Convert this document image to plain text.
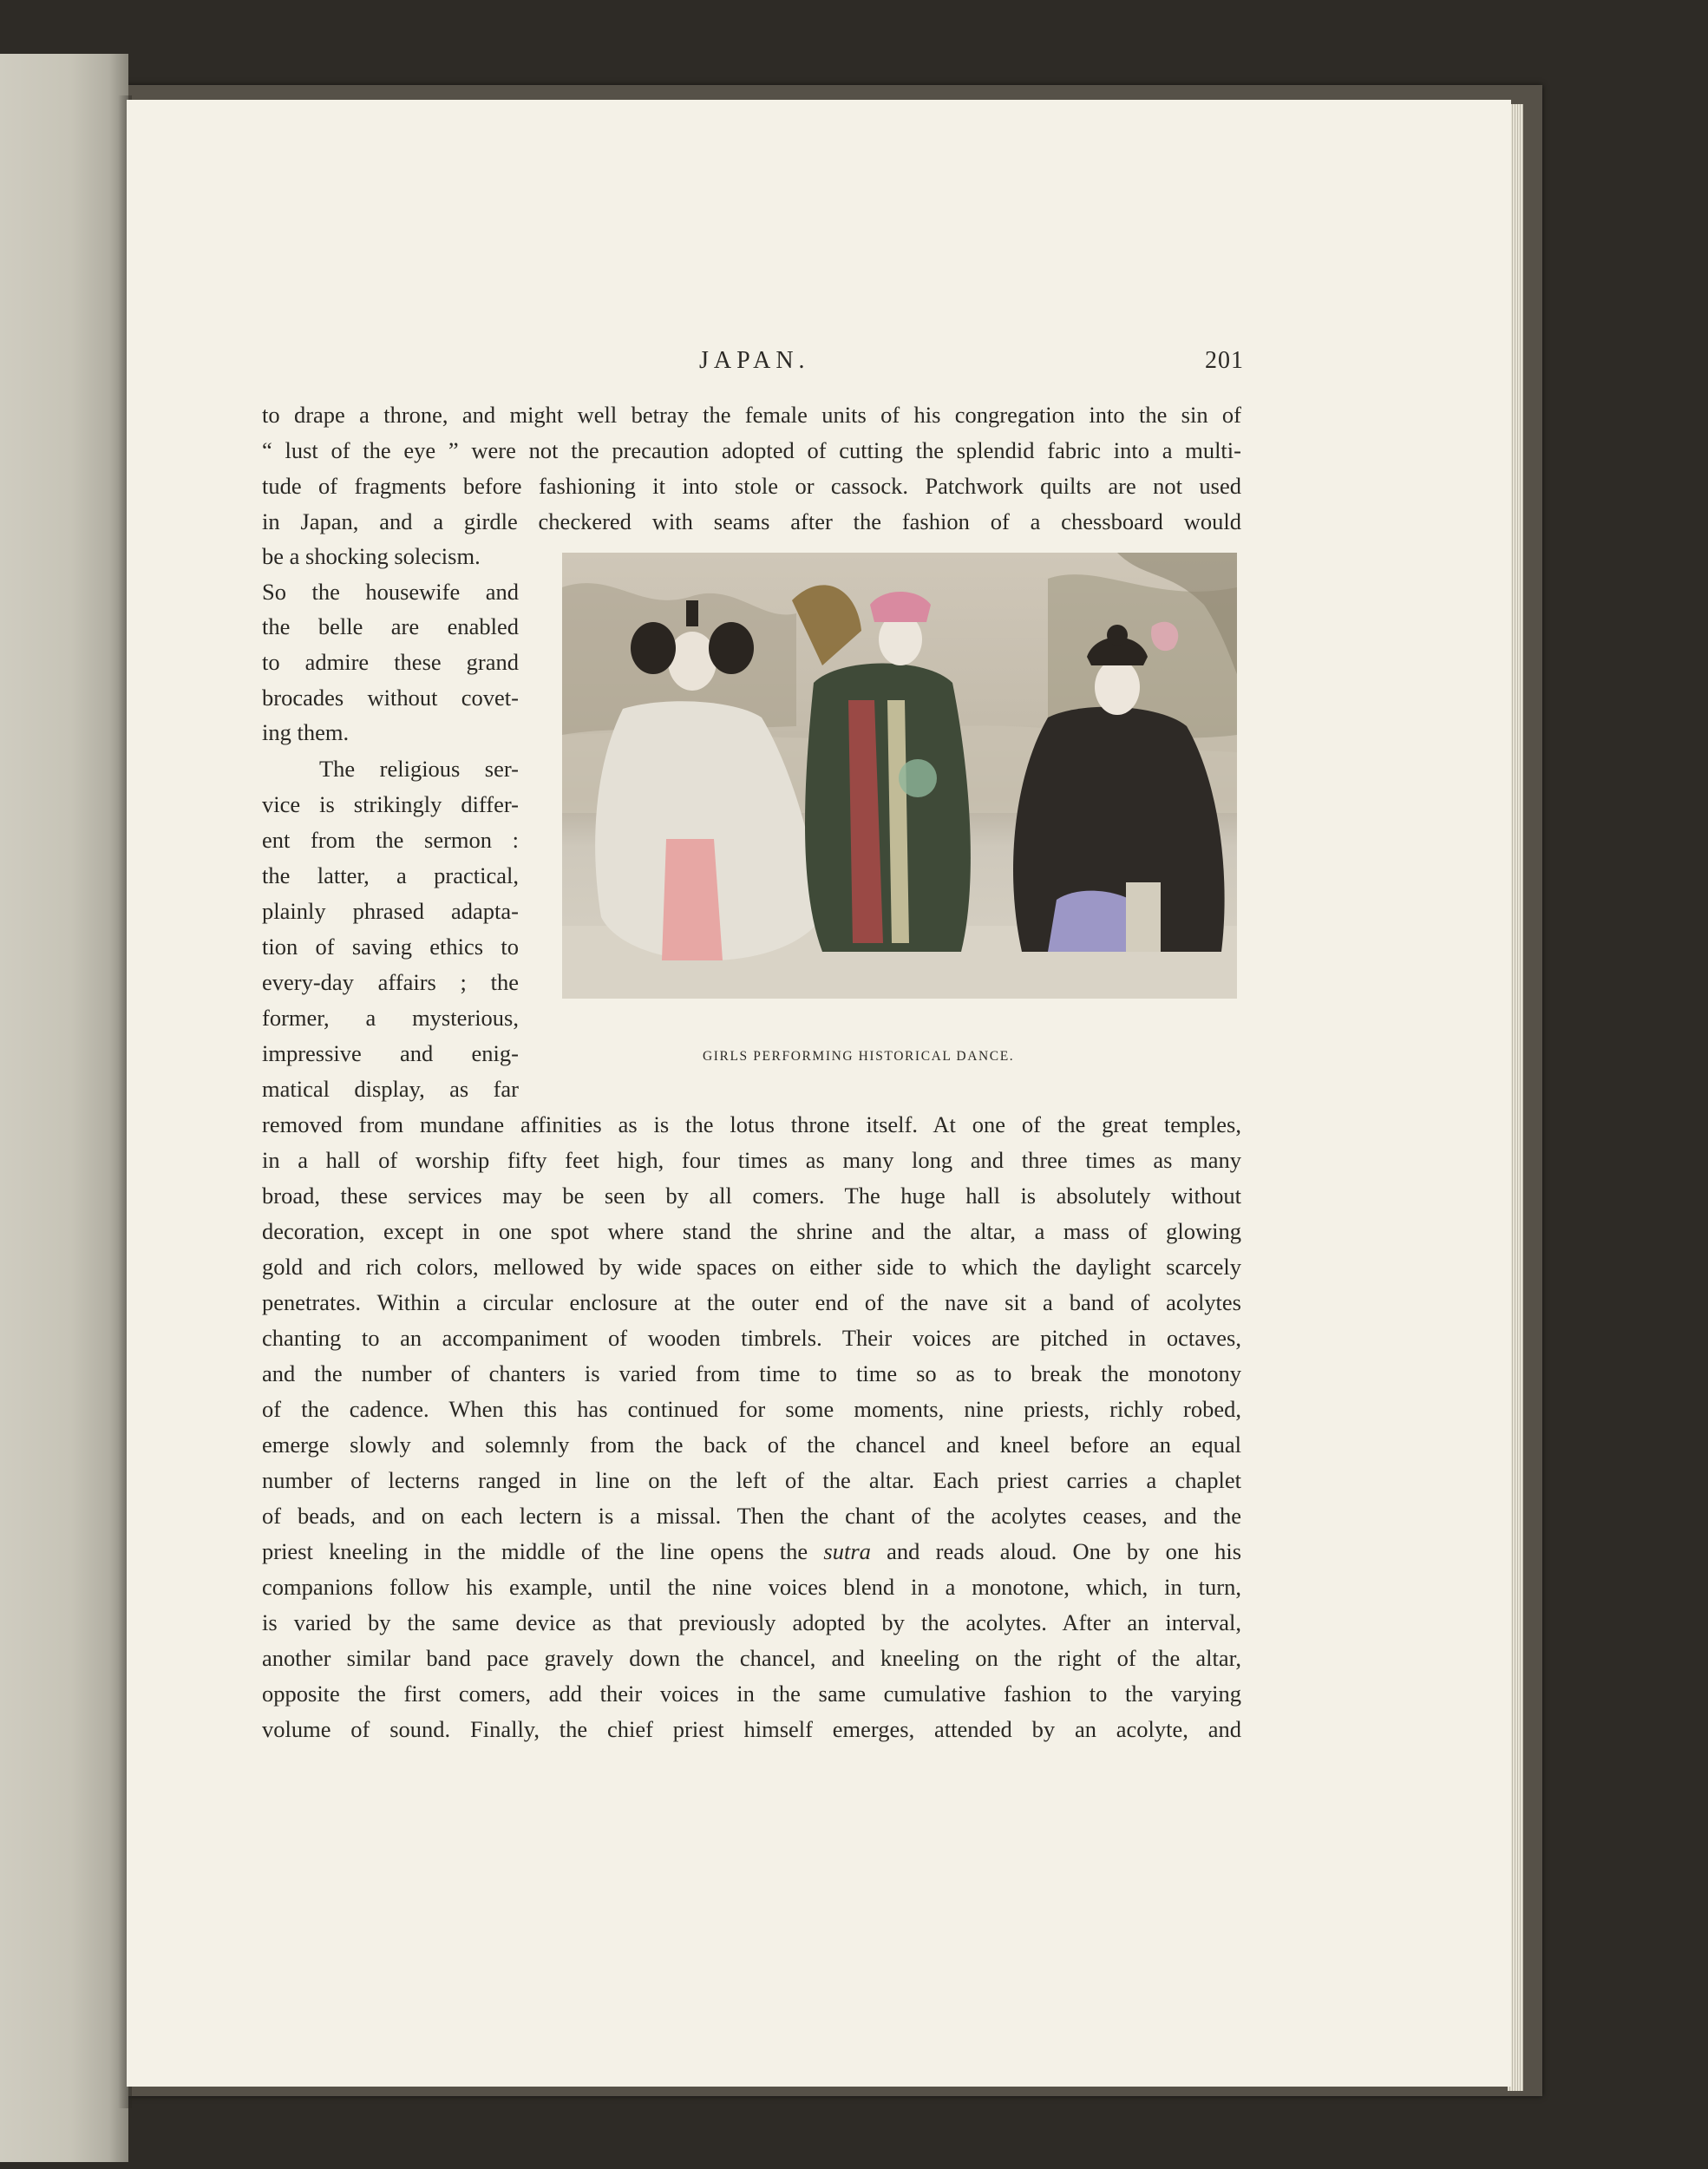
JAPAN.	201
to drape a throne, and might well betray the female units of his congregation into the sin of
“ lust of the eye ” were not the precaution adopted of cutting the splendid fabric into a multi-
tude of fragments before fashioning it into stole or cassock. Patchwork quilts are not used
in Japan, and a girdle checkered with seams after the fashion of a chessboard would
be a shocking solecism.
So the housewife and
the belle are enabled
to admire these grand
brocades without covet-
ing them.
The religious ser-
vice is strikingly differ-
ent from the sermon :
the latter, a practical,
plainly phrased adapta-
tion of saving ethics to
every-day affairs ; the
former, a mysterious,
impressive and enig-
matical display, as far
GIRLS PERFORMING HISTORICAL DANCE.
removed from mundane affinities as is the lotus throne itself. At one of the great temples,
in a hall of worship fifty feet high, four times as many long and three times as many
broad, these services may be seen by all comers. The huge hall is absolutely without
decoration, except in one spot where stand the shrine and the altar, a mass of glowing
gold and rich colors, mellowed by wide spaces on either side to which the daylight scarcely
penetrates. Within a circular enclosure at the outer end of the nave sit a band of acolytes
chanting to an accompaniment of wooden timbrels. Their voices are pitched in octaves,
and the number of chanters is varied from time to time so as to break the monotony
of the cadence. When this has continued for some moments, nine priests, richly robed,
emerge slowly and solemnly from the back of the chancel and kneel before an equal
number of lecterns ranged in line on the left of the altar. Each priest carries a chaplet
of beads, and on each lectern is a missal. Then the chant of the acolytes ceases, and the
priest kneeling in the middle of the line opens the sutra and reads aloud. One by one his
companions follow his example, until the nine voices blend in a monotone, which, in turn,
is varied by the same device as that previously adopted by the acolytes. After an interval,
another similar band pace gravely down the chancel, and kneeling on the right of the altar,
opposite the first comers, add their voices in the same cumulative fashion to the varying
volume of sound. Finally, the chief priest himself emerges, attended by an acolyte, and
